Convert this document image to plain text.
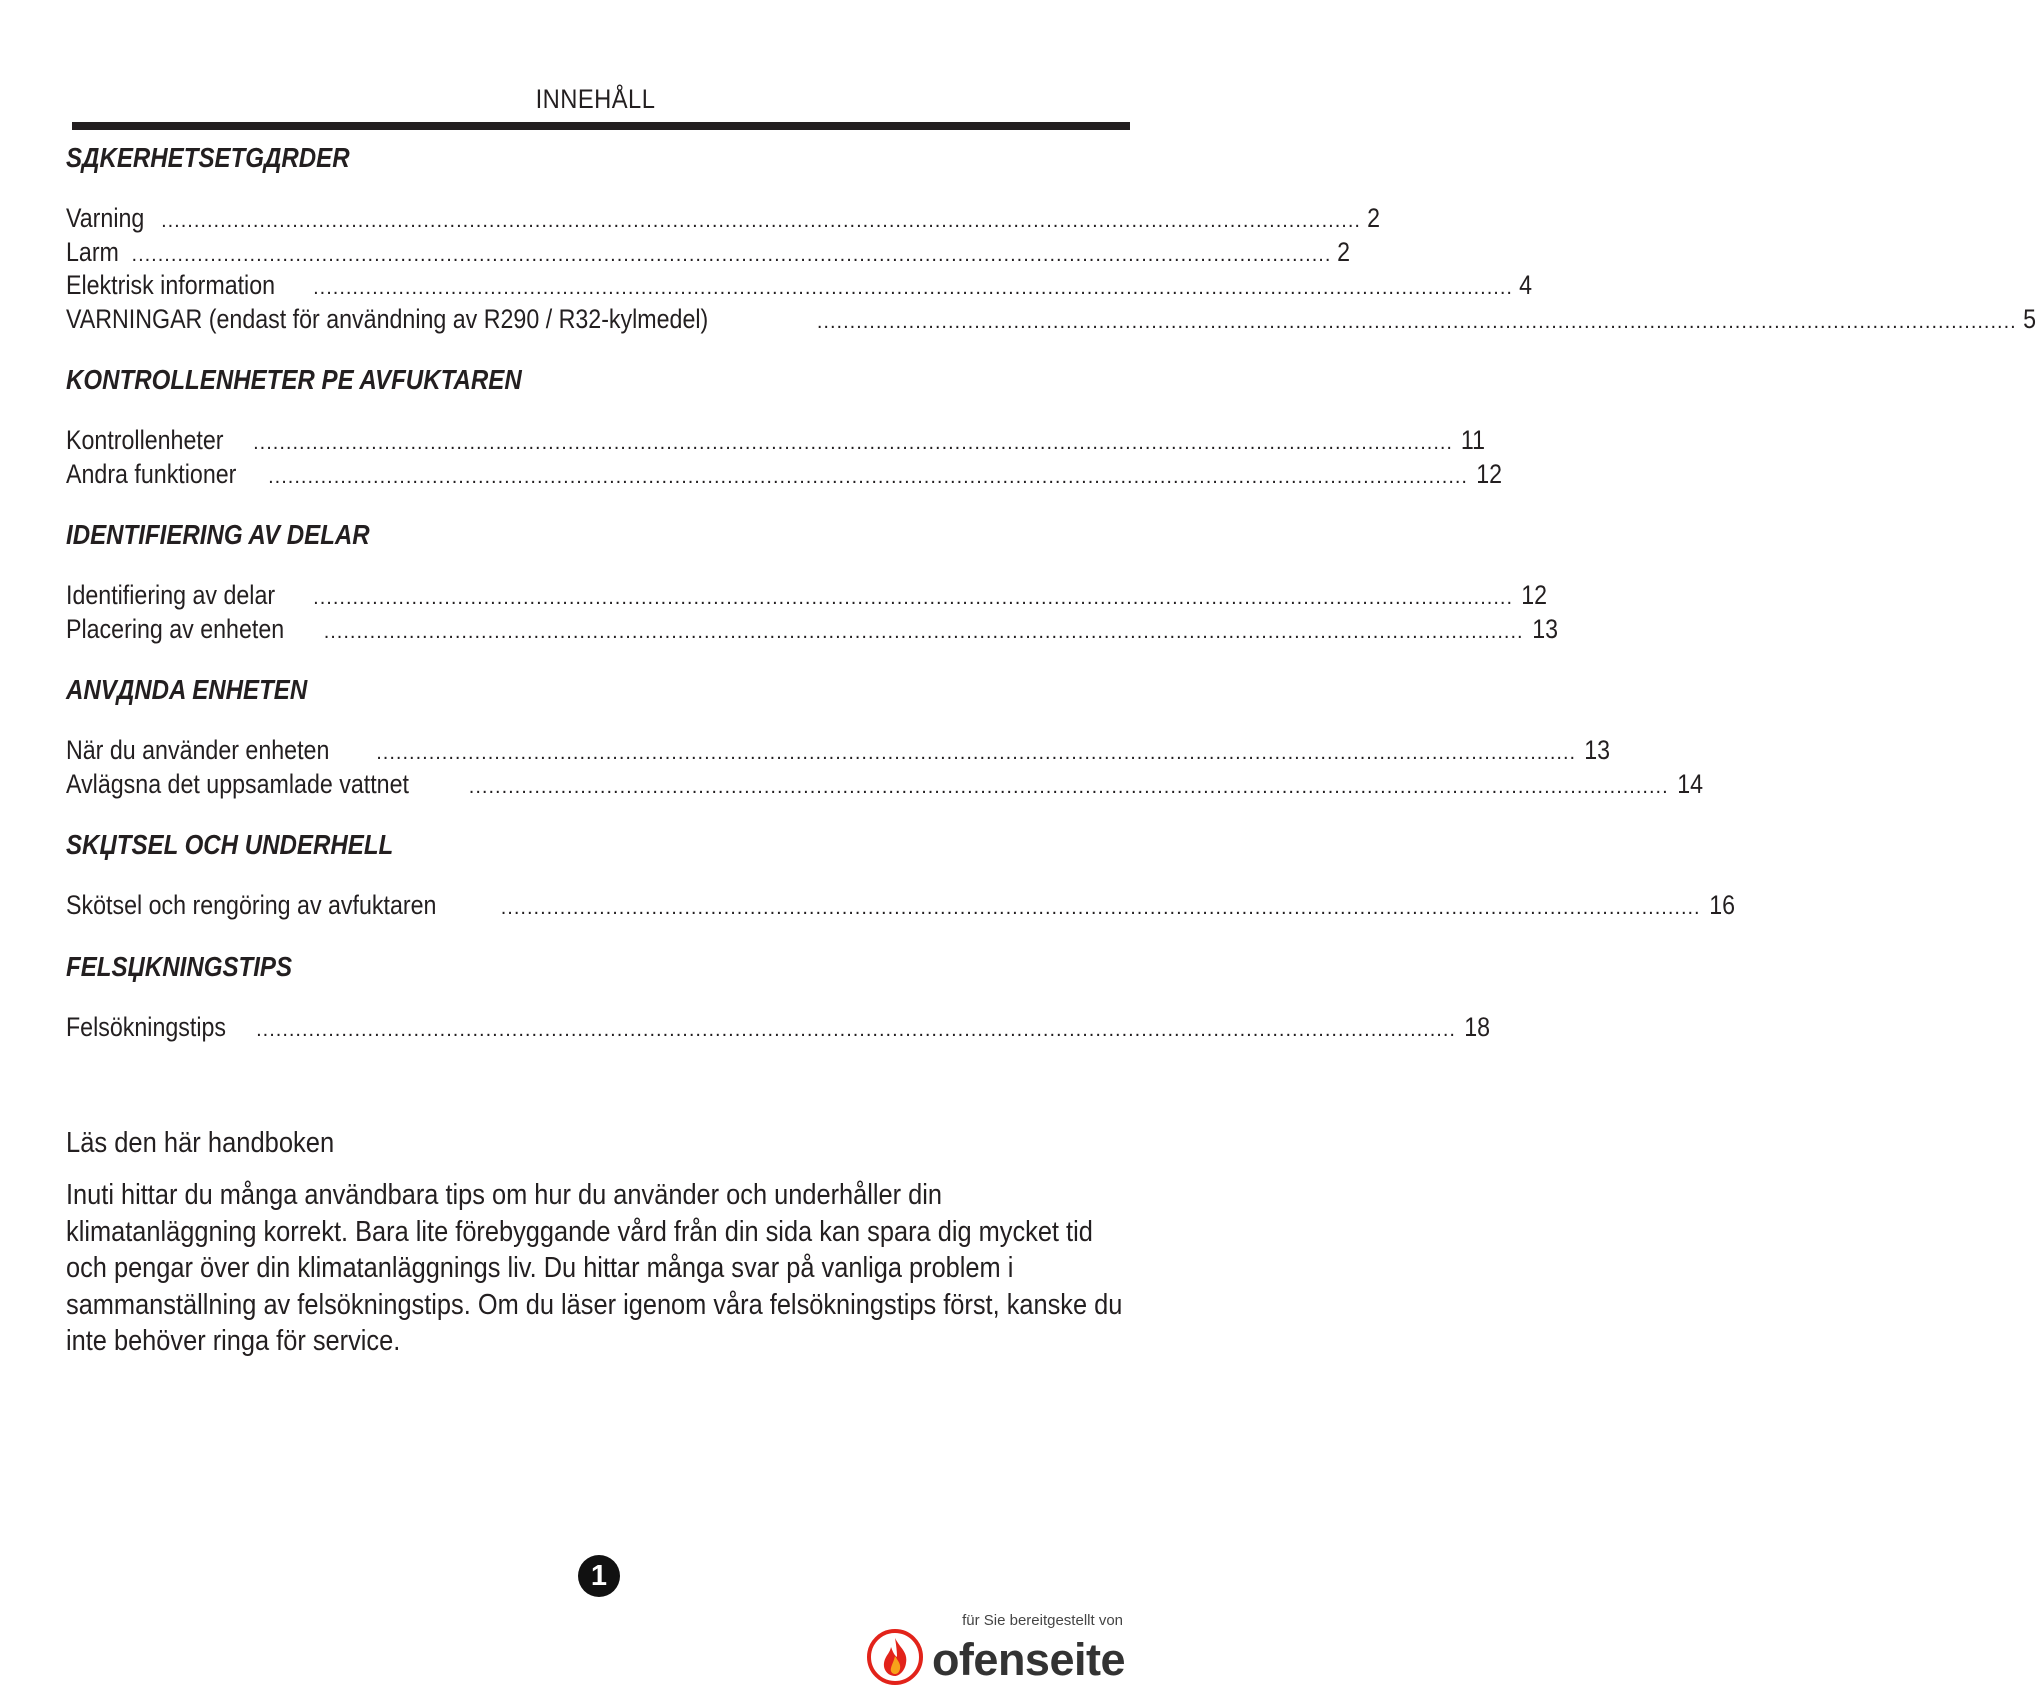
INNEHÅLL
SДKERHETSETGДRDER
Varning ....................................................................................................................................................................................... 2
Larm ....................................................................................................................................................................................... 2
Elektrisk information ....................................................................................................................................................................................... 4
VARNINGAR (endast för användning av R290 / R32-kylmedel)	....................................................................................................................................................................................... 5
KONTROLLENHETER PE AVFUKTAREN
Kontrollenheter ....................................................................................................................................................................................... 11
Andra funktioner ....................................................................................................................................................................................... 12
IDENTIFIERING AV DELAR
Identifiering av delar ....................................................................................................................................................................................... 12
Placering av enheten ....................................................................................................................................................................................... 13
ANVДNDA ENHETEN
När du använder enheten ....................................................................................................................................................................................... 13
Avlägsna det uppsamlade vattnet	....................................................................................................................................................................................... 14
SKЏTSEL OCH UNDERHELL
Skötsel och rengöring av avfuktaren	....................................................................................................................................................................................... 16
FELSЏKNINGSTIPS
Felsökningstips ....................................................................................................................................................................................... 18
Läs den här handboken
Inuti hittar du många användbara tips om hur du använder och underhåller din klimatanläggning korrekt. Bara lite förebyggande vård från din sida kan spara dig mycket tid och pengar över din klimatanläggnings liv. Du hittar många svar på vanliga problem i sammanställning av felsökningstips. Om du läser igenom våra felsökningstips först, kanske du inte behöver ringa för service.
1
für Sie bereitgestellt von
ofenseite
